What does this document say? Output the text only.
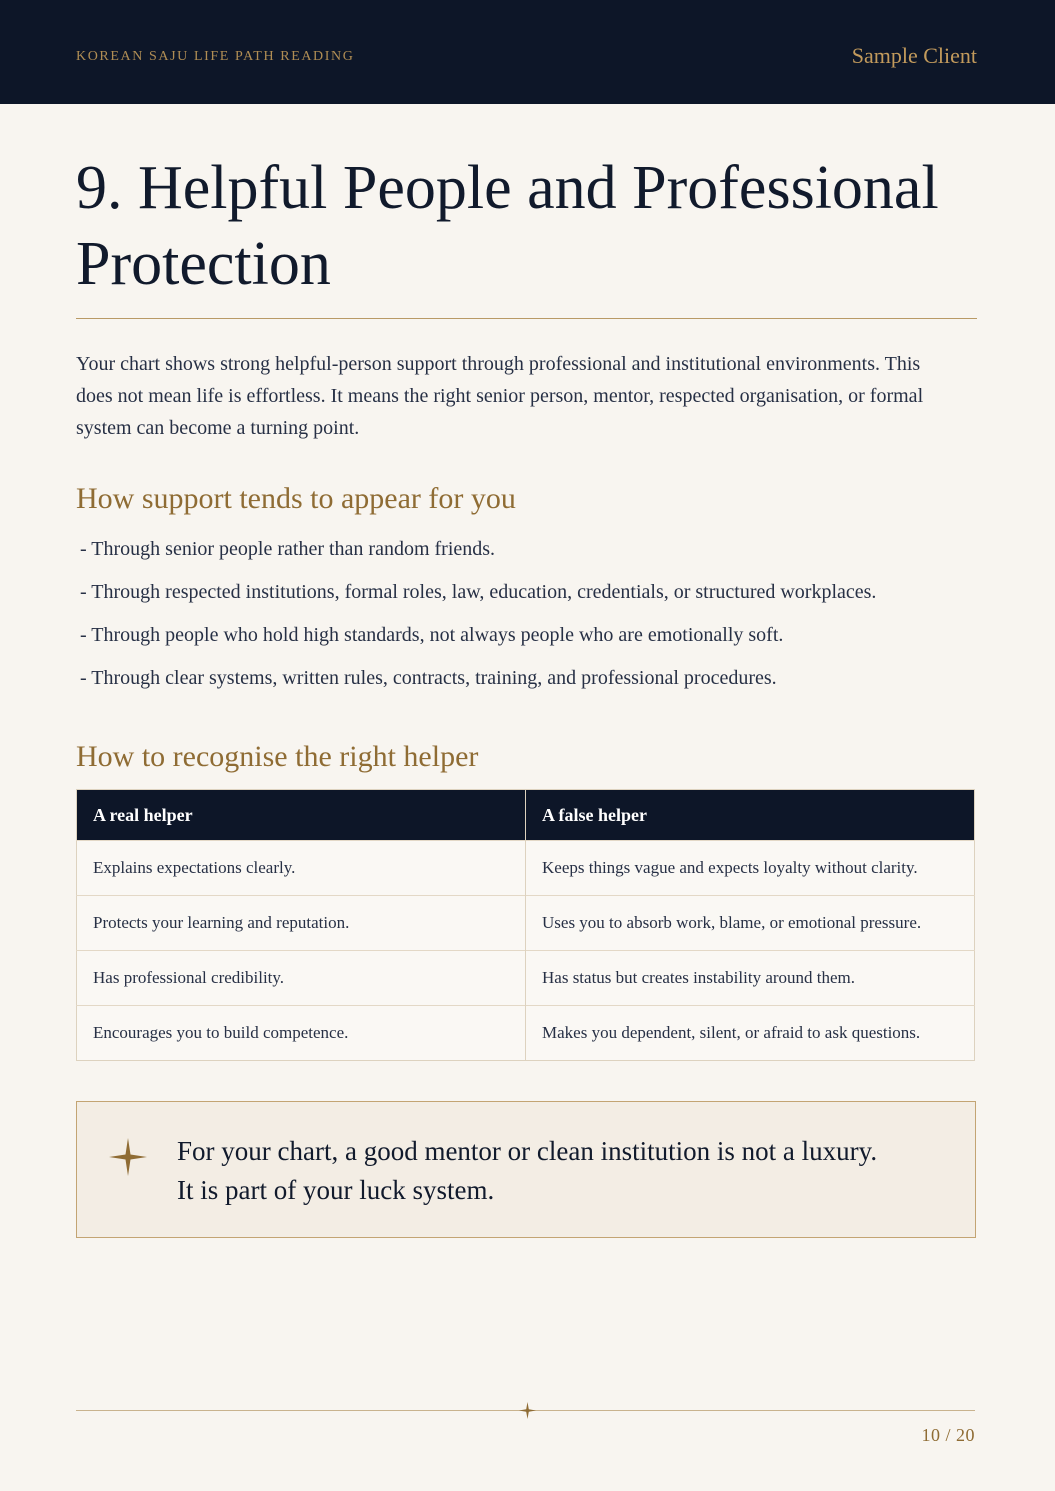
KOREAN SAJU LIFE PATH READING	Sample Client
9. Helpful People and Professional Protection

Your chart shows strong helpful-person support through professional and institutional environments. This does not mean life is effortless. It means the right senior person, mentor, respected organisation, or formal system can become a turning point.

How support tends to appear for you
- Through senior people rather than random friends.
- Through respected institutions, formal roles, law, education, credentials, or structured workplaces.
- Through people who hold high standards, not always people who are emotionally soft.
- Through clear systems, written rules, contracts, training, and professional procedures.
How to recognise the right helper
A real helper	A false helper
Explains expectations clearly.	Keeps things vague and expects loyalty without clarity.
Protects your learning and reputation.	Uses you to absorb work, blame, or emotional pressure.
Has professional credibility.	Has status but creates instability around them.
Encourages you to build competence.	Makes you dependent, silent, or afraid to ask questions.
For your chart, a good mentor or clean institution is not a luxury.
It is part of your luck system.
10 / 20
